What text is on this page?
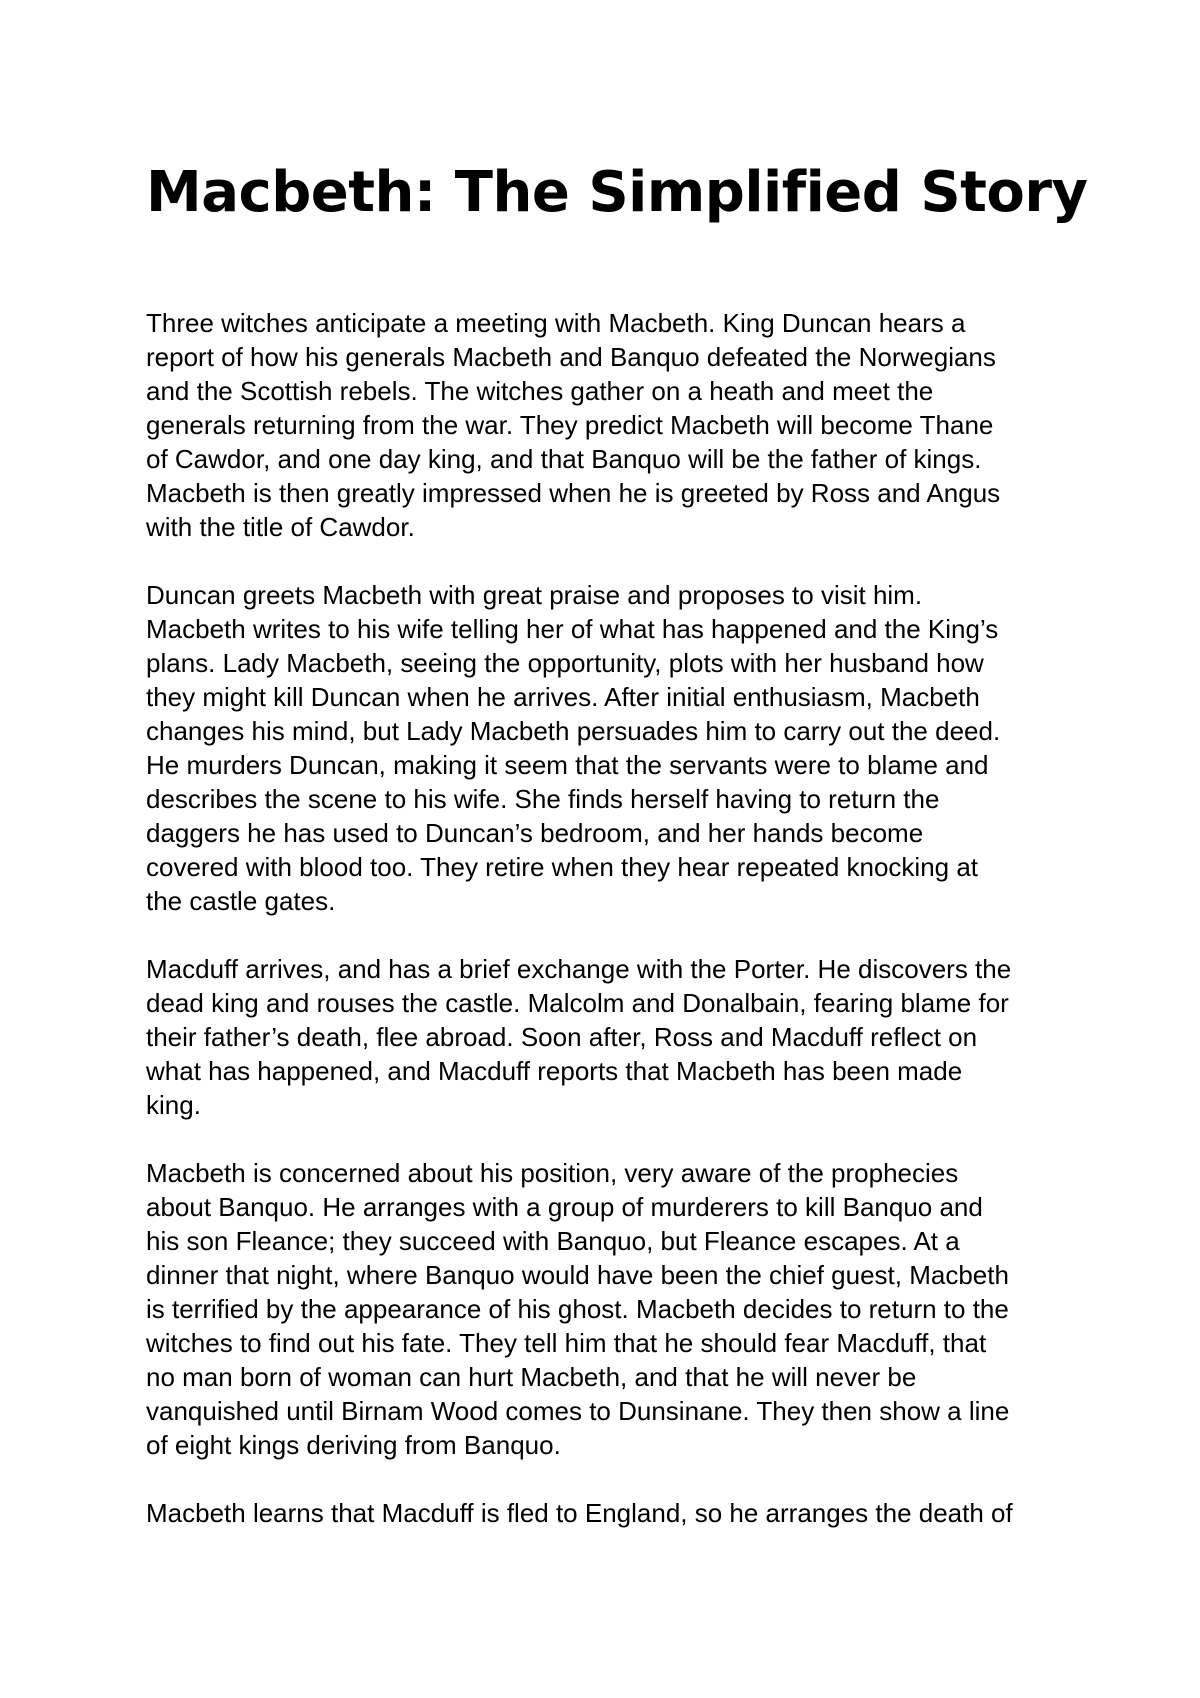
Macbeth: The Simplified Story

Three witches anticipate a meeting with Macbeth. King Duncan hears a
report of how his generals Macbeth and Banquo defeated the Norwegians
and the Scottish rebels. The witches gather on a heath and meet the
generals returning from the war. They predict Macbeth will become Thane
of Cawdor, and one day king, and that Banquo will be the father of kings.
Macbeth is then greatly impressed when he is greeted by Ross and Angus
with the title of Cawdor.

Duncan greets Macbeth with great praise and proposes to visit him.
Macbeth writes to his wife telling her of what has happened and the King’s
plans. Lady Macbeth, seeing the opportunity, plots with her husband how
they might kill Duncan when he arrives. After initial enthusiasm, Macbeth
changes his mind, but Lady Macbeth persuades him to carry out the deed.
He murders Duncan, making it seem that the servants were to blame and
describes the scene to his wife. She finds herself having to return the
daggers he has used to Duncan’s bedroom, and her hands become
covered with blood too. They retire when they hear repeated knocking at
the castle gates.

Macduff arrives, and has a brief exchange with the Porter. He discovers the
dead king and rouses the castle. Malcolm and Donalbain, fearing blame for
their father’s death, flee abroad. Soon after, Ross and Macduff reflect on
what has happened, and Macduff reports that Macbeth has been made
king.

Macbeth is concerned about his position, very aware of the prophecies
about Banquo. He arranges with a group of murderers to kill Banquo and
his son Fleance; they succeed with Banquo, but Fleance escapes. At a
dinner that night, where Banquo would have been the chief guest, Macbeth
is terrified by the appearance of his ghost. Macbeth decides to return to the
witches to find out his fate. They tell him that he should fear Macduff, that
no man born of woman can hurt Macbeth, and that he will never be
vanquished until Birnam Wood comes to Dunsinane. They then show a line
of eight kings deriving from Banquo.

Macbeth learns that Macduff is fled to England, so he arranges the death of
